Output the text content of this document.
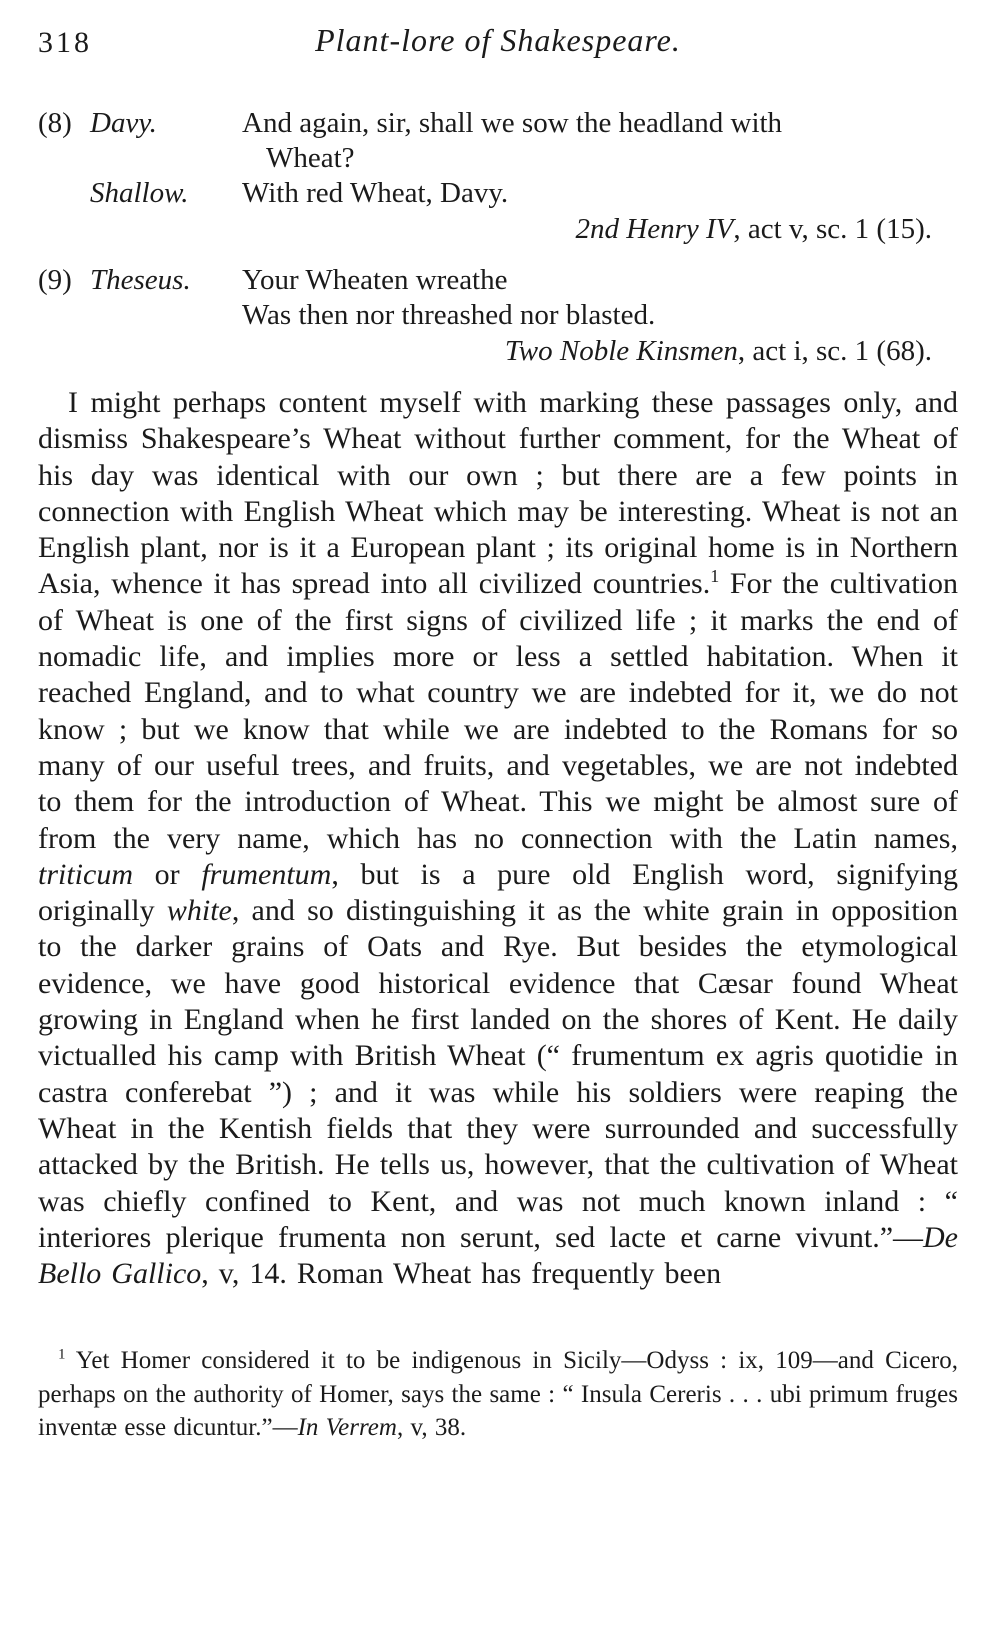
318	Plant-lore of Shakespeare.
(8) Davy.	And again, sir, shall we sow the headland with
Wheat?
Shallow.	With red Wheat, Davy.
2nd Henry IV, act v, sc. 1 (15).
(9) Theseus.	Your Wheaten wreathe
Was then nor threashed nor blasted.
Two Noble Kinsmen, act i, sc. 1 (68).
I might perhaps content myself with marking these passages only, and dismiss Shakespeare’s Wheat without further comment, for the Wheat of his day was identical with our own ; but there are a few points in connection with English Wheat which may be interesting. Wheat is not an English plant, nor is it a European plant ; its original home is in Northern Asia, whence it has spread into all civilized countries.$^1$ For the cultivation of Wheat is one of the first signs of civilized life ; it marks the end of nomadic life, and implies more or less a settled habitation. When it reached England, and to what country we are indebted for it, we do not know ; but we know that while we are indebted to the Romans for so many of our useful trees, and fruits, and vegetables, we are not indebted to them for the introduction of Wheat. This we might be almost sure of from the very name, which has no connection with the Latin names, triticum or frumentum, but is a pure old English word, signifying originally white, and so distinguishing it as the white grain in opposition to the darker grains of Oats and Rye. But besides the etymological evidence, we have good historical evidence that Cæsar found Wheat growing in England when he first landed on the shores of Kent. He daily victualled his camp with British Wheat (“ frumentum ex agris quotidie in castra conferebat ”) ; and it was while his soldiers were reaping the Wheat in the Kentish fields that they were surrounded and successfully attacked by the British. He tells us, however, that the cultivation of Wheat was chiefly confined to Kent, and was not much known inland : “ interiores plerique frumenta non serunt, sed lacte et carne vivunt.”—De Bello Gallico, v, 14. Roman Wheat has frequently been
$^1$ Yet Homer considered it to be indigenous in Sicily—Odyss : ix, 109—and Cicero, perhaps on the authority of Homer, says the same : “ Insula Cereris . . . ubi primum fruges inventæ esse dicuntur.”—In Verrem, v, 38.
